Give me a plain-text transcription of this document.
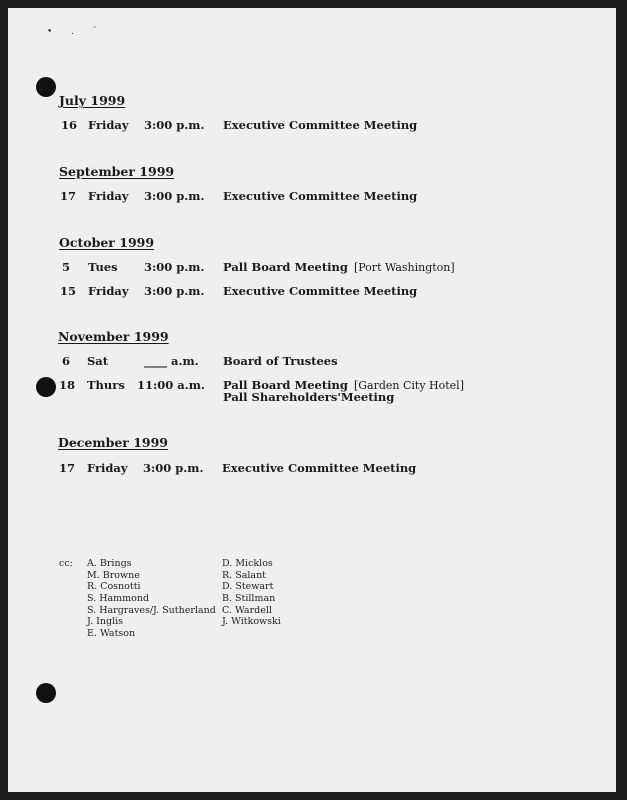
• . `
July 1999
16 Friday 3:00 p.m. Executive Committee Meeting
September 1999
17 Friday 3:00 p.m. Executive Committee Meeting
October 1999
5 Tues 3:00 p.m. Pall Board Meeting [Port Washington]
15 Friday 3:00 p.m. Executive Committee Meeting
November 1999
6 Sat	____ a.m. Board of Trustees
18 Thurs 11:00 a.m. Pall Board Meeting [Garden City Hotel]
Pall Shareholders'Meeting
December 1999
17 Friday 3:00 p.m. Executive Committee Meeting
cc: A. Brings
M. Browne
R. Cosnotti
S. Hammond
S. Hargraves/J. Sutherland
J. Inglis
E. Watson
D. Micklos
R. Salant
D. Stewart
B. Stillman
C. Wardell
J. Witkowski
